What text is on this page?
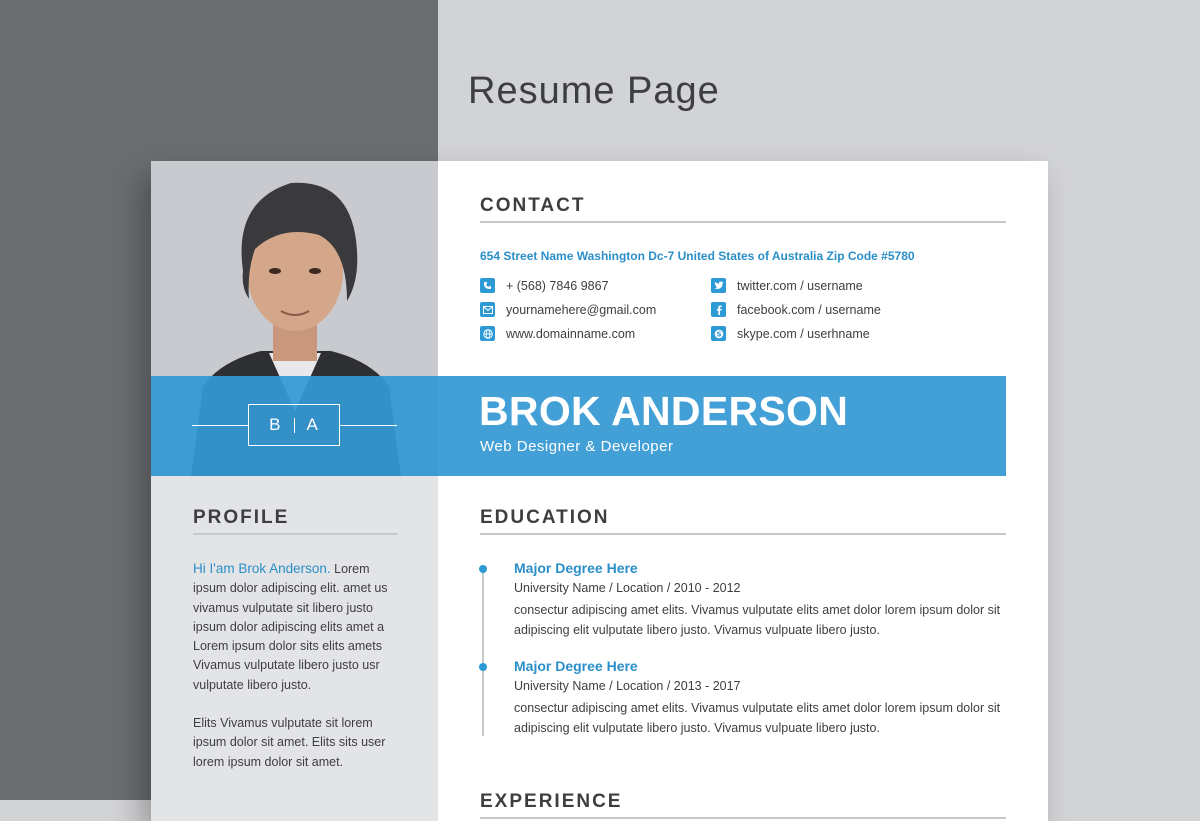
Resume Page
CONTACT
654 Street Name Washington Dc-7 United States of Australia Zip Code #5780
+ (568) 7846 9867
yournamehere@gmail.com
www.domainname.com
twitter.com / username
facebook.com / username
S skype.com / userhname
B A	BROK ANDERSON
Web Designer & Developer
PROFILE

Hi I'am Brok Anderson. Lorem ipsum dolor adipiscing elit. amet us vivamus vulputate sit libero justo ipsum dolor adipiscing elits amet a Lorem ipsum dolor sits elits amets Vivamus vulputate libero justo usr vulputate libero justo.

Elits Vivamus vulputate sit lorem ipsum dolor sit amet. Elits sits user lorem ipsum dolor sit amet.

EDUCATION
Major Degree Here
University Name / Location / 2010 - 2012

consectur adipiscing amet elits. Vivamus vulputate elits amet dolor lorem ipsum dolor sit adipiscing elit vulputate libero justo. Vivamus vulpuate libero justo.

Major Degree Here
University Name / Location / 2013 - 2017

consectur adipiscing amet elits. Vivamus vulputate elits amet dolor lorem ipsum dolor sit adipiscing elit vulputate libero justo. Vivamus vulpuate libero justo.

EXPERIENCE
